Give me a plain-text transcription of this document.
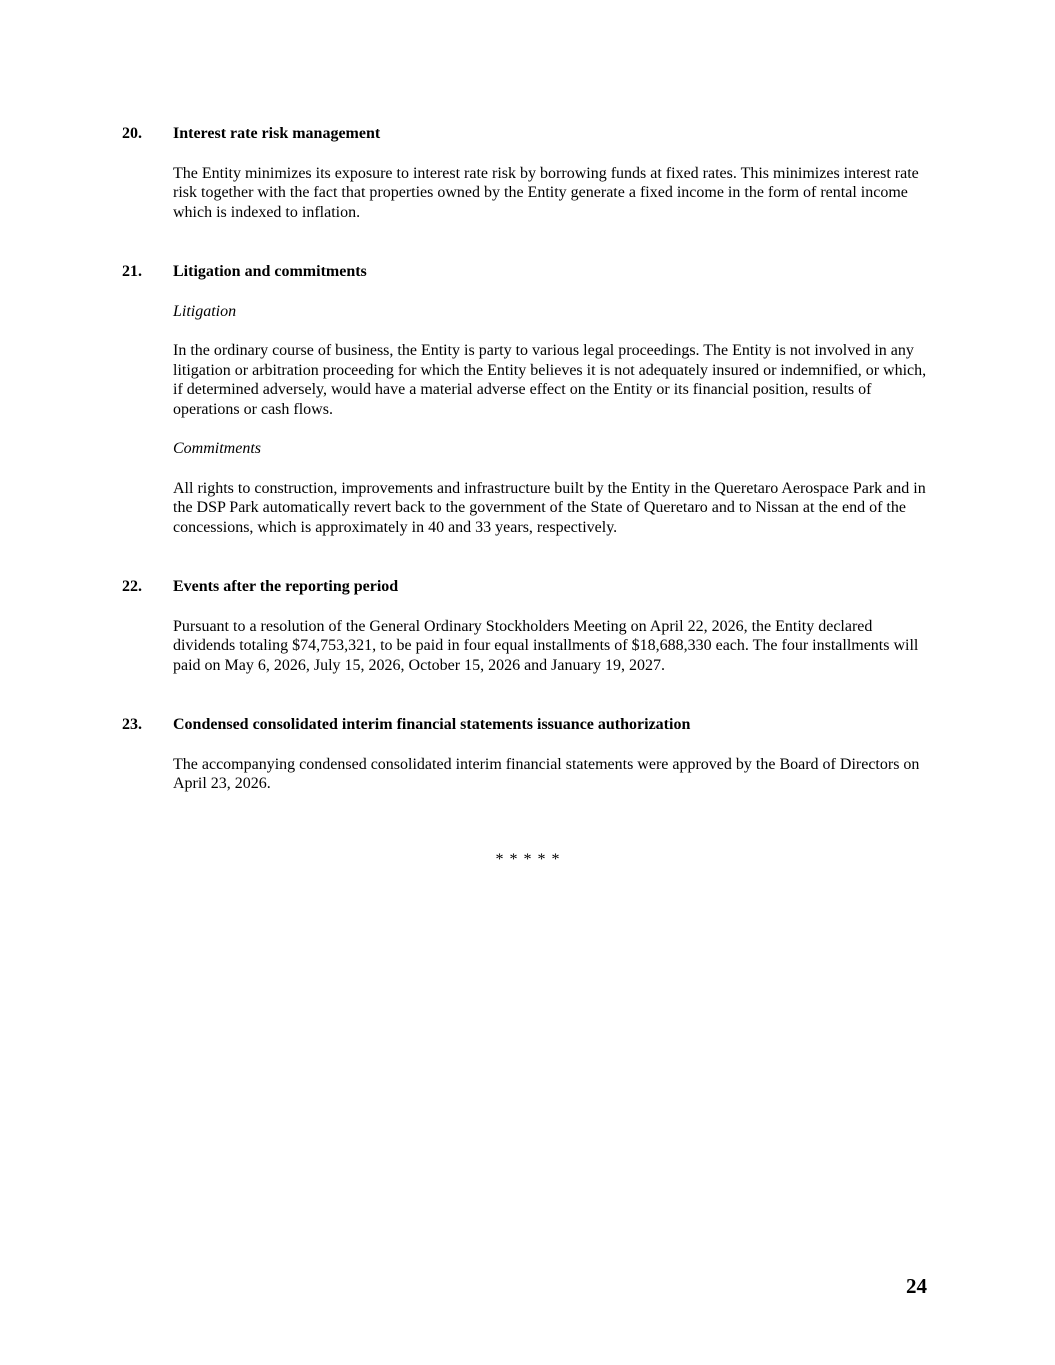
20.	Interest rate risk management

The Entity minimizes its exposure to interest rate risk by borrowing funds at fixed rates. This minimizes interest rate risk together with the fact that properties owned by the Entity generate a fixed income in the form of rental income which is indexed to inflation.

21.	Litigation and commitments
Litigation

In the ordinary course of business, the Entity is party to various legal proceedings. The Entity is not involved in any litigation or arbitration proceeding for which the Entity believes it is not adequately insured or indemnified, or which, if determined adversely, would have a material adverse effect on the Entity or its financial position, results of operations or cash flows.

Commitments

All rights to construction, improvements and infrastructure built by the Entity in the Queretaro Aerospace Park and in the DSP Park automatically revert back to the government of the State of Queretaro and to Nissan at the end of the concessions, which is approximately in 40 and 33 years, respectively.

22.	Events after the reporting period

Pursuant to a resolution of the General Ordinary Stockholders Meeting on April 22, 2026, the Entity declared dividends totaling $74,753,321, to be paid in four equal installments of $18,688,330 each. The four installments will paid on May 6, 2026, July 15, 2026, October 15, 2026 and January 19, 2027.

23.	Condensed consolidated interim financial statements issuance authorization

The accompanying condensed consolidated interim financial statements were approved by the Board of Directors on April 23, 2026.

* * * * *
24
